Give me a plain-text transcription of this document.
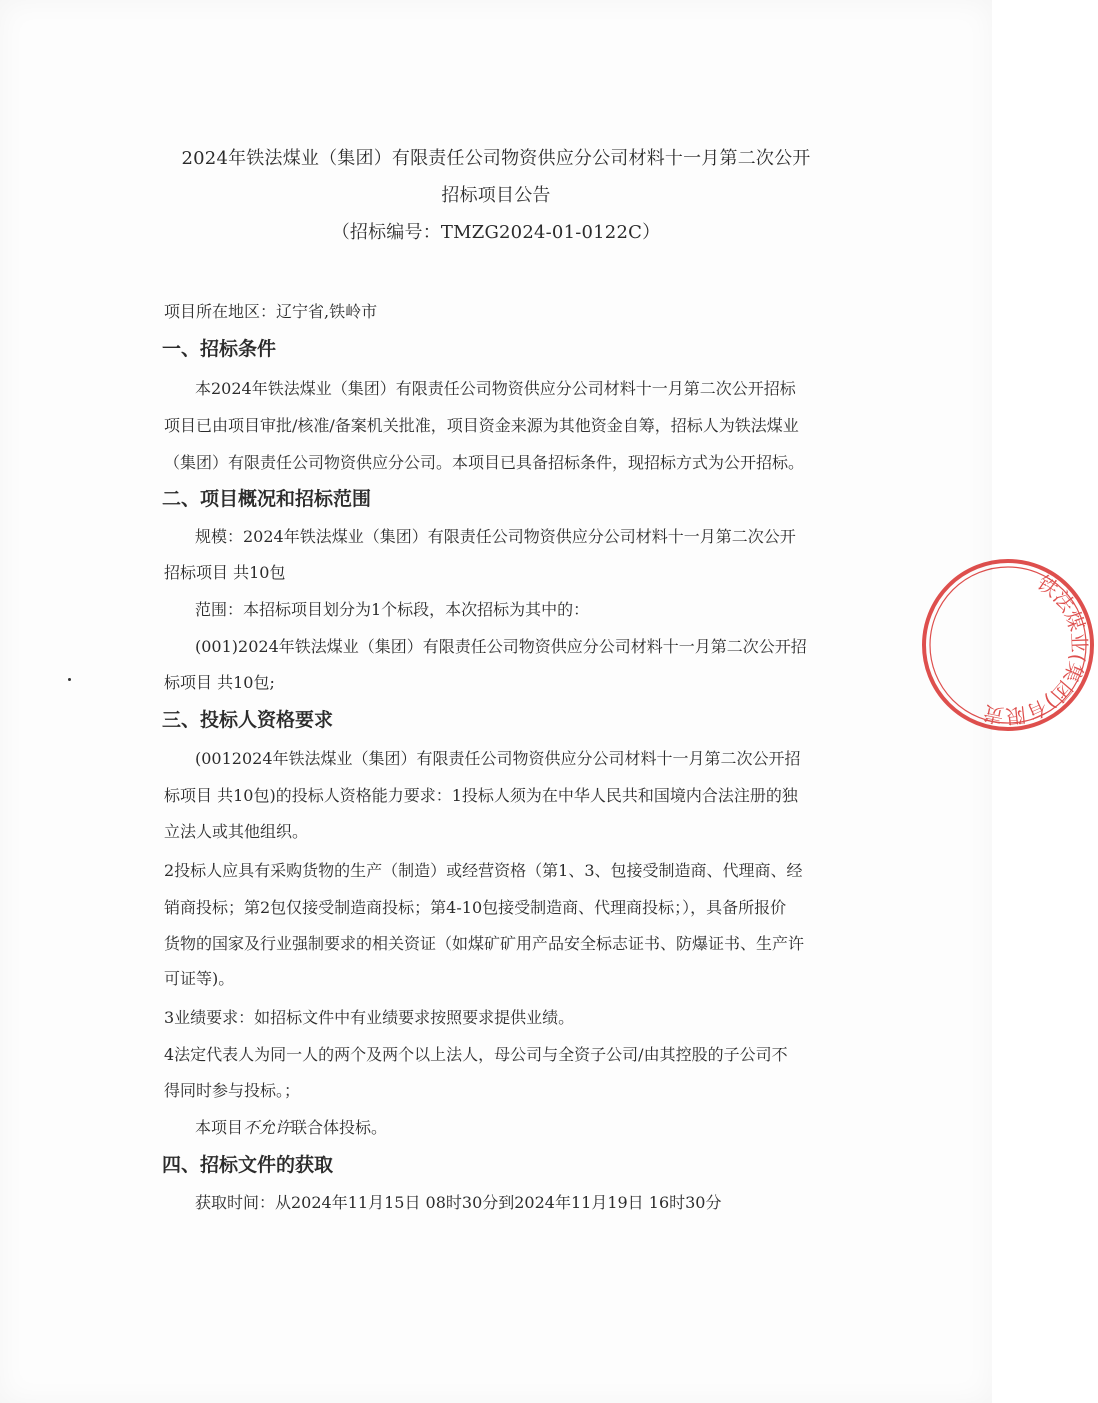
2024年铁法煤业（集团）有限责任公司物资供应分公司材料十一月第二次公开
招标项目公告
（招标编号：TMZG2024-01-0122C）
项目所在地区：辽宁省,铁岭市
一、招标条件
本2024年铁法煤业（集团）有限责任公司物资供应分公司材料十一月第二次公开招标
项目已由项目审批/核准/备案机关批准，项目资金来源为其他资金自筹，招标人为铁法煤业
（集团）有限责任公司物资供应分公司。本项目已具备招标条件，现招标方式为公开招标。
二、项目概况和招标范围
规模：2024年铁法煤业（集团）有限责任公司物资供应分公司材料十一月第二次公开
招标项目 共10包
范围：本招标项目划分为1个标段，本次招标为其中的：
(001)2024年铁法煤业（集团）有限责任公司物资供应分公司材料十一月第二次公开招
标项目 共10包;
三、投标人资格要求
(0012024年铁法煤业（集团）有限责任公司物资供应分公司材料十一月第二次公开招
标项目 共10包)的投标人资格能力要求：1投标人须为在中华人民共和国境内合法注册的独
立法人或其他组织。
2投标人应具有采购货物的生产（制造）或经营资格（第1、3、包接受制造商、代理商、经
销商投标；第2包仅接受制造商投标；第4-10包接受制造商、代理商投标；），具备所报价
货物的国家及行业强制要求的相关资证（如煤矿矿用产品安全标志证书、防爆证书、生产许
可证等)。
3业绩要求：如招标文件中有业绩要求按照要求提供业绩。
4法定代表人为同一人的两个及两个以上法人，母公司与全资子公司/由其控股的子公司不
得同时参与投标。；
本项目不允许联合体投标。
四、招标文件的获取
获取时间：从2024年11月15日 08时30分到2024年11月19日 16时30分
铁法煤业(集团)有限责
